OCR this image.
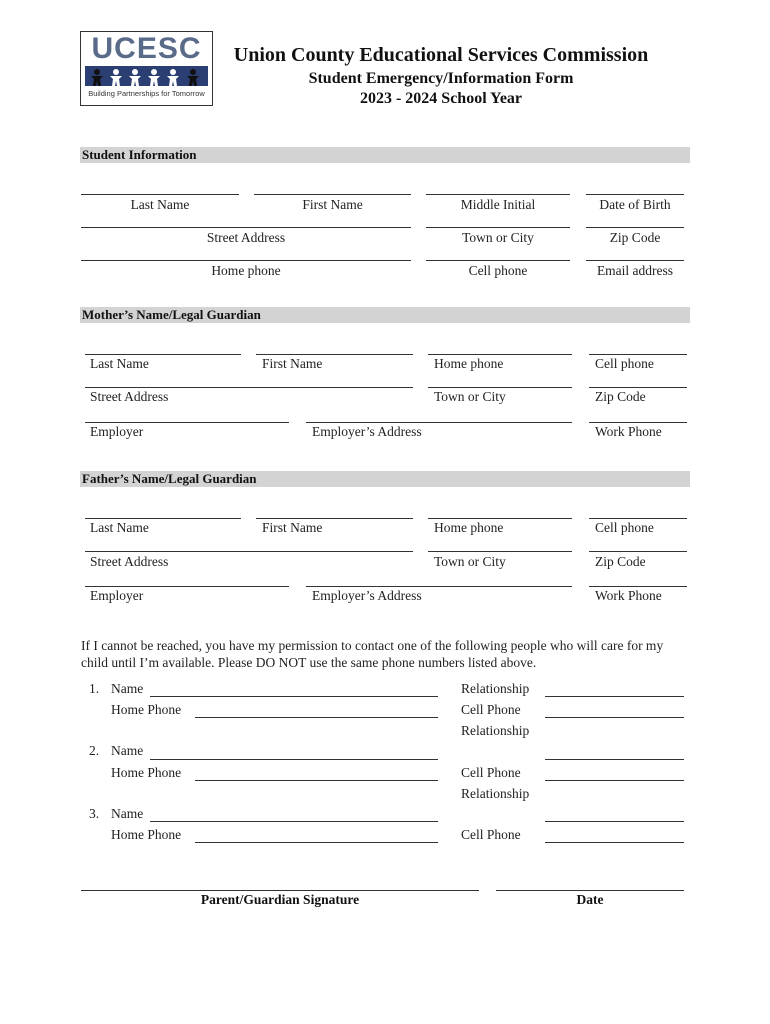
UCESC
Building Partnerships for Tomorrow
Union County Educational Services Commission
Student Emergency/Information Form
2023 - 2024 School Year
Student Information
Last Name	First Name	Middle Initial	Date of Birth
Street Address	Town or City	Zip Code
Home phone	Cell phone	Email address
Mother’s Name/Legal Guardian
Last Name	First Name	Home phone	Cell phone
Street Address	Town or City	Zip Code
Employer	Employer’s Address	Work Phone
Father’s Name/Legal Guardian
Last Name	First Name	Home phone	Cell phone
Street Address	Town or City	Zip Code
Employer	Employer’s Address	Work Phone
If I cannot be reached, you have my permission to contact one of the following people who will care for my child until I’m available. Please DO NOT use the same phone numbers listed above.
1. Name	Relationship
Home Phone	Cell Phone
Relationship
2. Name
Home Phone	Cell Phone
Relationship
3. Name
Home Phone	Cell Phone
Parent/Guardian Signature	Date
